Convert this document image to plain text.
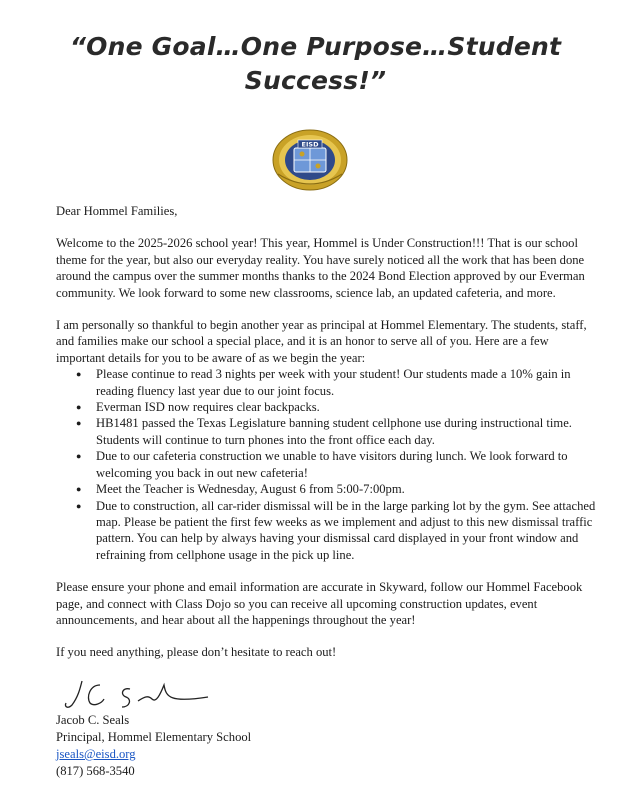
“One Goal…One Purpose…Student Success!”
EISD

Dear Hommel Families,

Welcome to the 2025-2026 school year! This year, Hommel is Under Construction!!! That is our school theme for the year, but also our everyday reality. You have surely noticed all the work that has been done around the campus over the summer months thanks to the 2024 Bond Election approved by our Everman community. We look forward to some new classrooms, science lab, an updated cafeteria, and more.

I am personally so thankful to begin another year as principal at Hommel Elementary. The students, staff, and families make our school a special place, and it is an honor to serve all of you. Here are a few important details for you to be aware of as we begin the year:

● Please continue to read 3 nights per week with your student! Our students made a 10% gain in reading fluency last year due to our joint focus.
● Everman ISD now requires clear backpacks.
● HB1481 passed the Texas Legislature banning student cellphone use during instructional time. Students will continue to turn phones into the front office each day.
● Due to our cafeteria construction we unable to have visitors during lunch. We look forward to welcoming you back in out new cafeteria!
● Meet the Teacher is Wednesday, August 6 from 5:00-7:00pm.
● Due to construction, all car-rider dismissal will be in the large parking lot by the gym. See attached map. Please be patient the first few weeks as we implement and adjust to this new dismissal traffic pattern. You can help by always having your dismissal card displayed in your front window and refraining from cellphone usage in the pick up line.

Please ensure your phone and email information are accurate in Skyward, follow our Hommel Facebook page, and connect with Class Dojo so you can receive all upcoming construction updates, event announcements, and hear about all the happenings throughout the year!

If you need anything, please don’t hesitate to reach out!

Jacob C. Seals
Principal, Hommel Elementary School
jseals@eisd.org
(817) 568-3540
